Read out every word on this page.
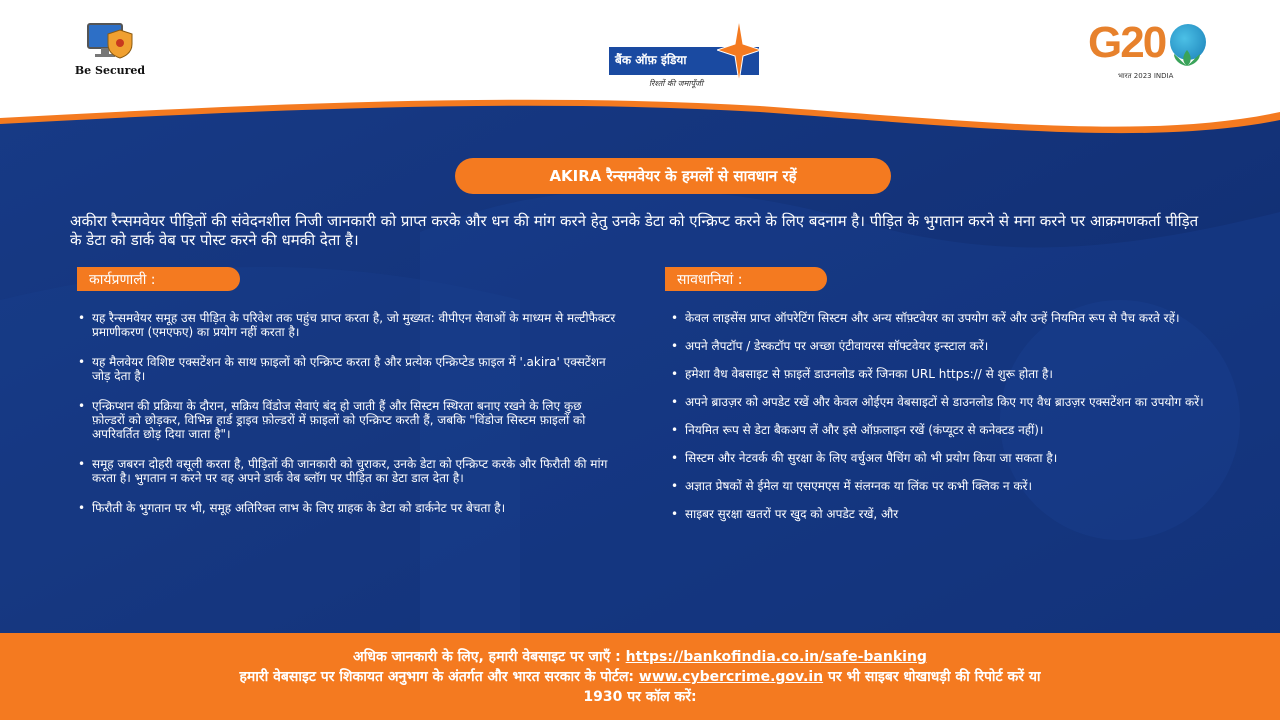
Be Secured
बैंक ऑफ़ इंडिया
रिश्तों की जमापूँजी
G20
भारत 2023 INDIA
AKIRA रैन्समवेयर के हमलों से सावधान रहें
अकीरा रैन्समवेयर पीड़ितों की संवेदनशील निजी जानकारी को प्राप्त करके और धन की मांग करने हेतु उनके डेटा को एन्क्रिप्ट करने के लिए बदनाम है। पीड़ित के भुगतान करने से मना करने पर आक्रमणकर्ता पीड़ित के डेटा को डार्क वेब पर पोस्ट करने की धमकी देता है।
कार्यप्रणाली :
• यह रैन्समवेयर समूह उस पीड़ित के परिवेश तक पहुंच प्राप्त करता है, जो मुख्यत: वीपीएन सेवाओं के माध्यम से मल्टीफैक्टर प्रमाणीकरण (एमएफए) का प्रयोग नहीं करता है।
• यह मैलवेयर विशिष्ट एक्सटेंशन के साथ फ़ाइलों को एन्क्रिप्ट करता है और प्रत्येक एन्क्रिप्टेड फ़ाइल में '.akira' एक्सटेंशन जोड़ देता है।
• एन्क्रिप्शन की प्रक्रिया के दौरान, सक्रिय विंडोज सेवाएं बंद हो जाती हैं और सिस्टम स्थिरता बनाए रखने के लिए कुछ फ़ोल्डरों को छोड़कर, विभिन्न हार्ड ड्राइव फ़ोल्डरों में फ़ाइलों को एन्क्रिप्ट करती हैं, जबकि "विंडोज सिस्टम फ़ाइलों को अपरिवर्तित छोड़ दिया जाता है"।
• समूह जबरन दोहरी वसूली करता है, पीड़ितों की जानकारी को चुराकर, उनके डेटा को एन्क्रिप्ट करके और फिरौती की मांग करता है। भुगतान न करने पर वह अपने डार्क वेब ब्लॉग पर पीड़ित का डेटा डाल देता है।
• फिरौती के भुगतान पर भी, समूह अतिरिक्त लाभ के लिए ग्राहक के डेटा को डार्कनेट पर बेचता है।
सावधानियां :
• केवल लाइसेंस प्राप्त ऑपरेटिंग सिस्टम और अन्य सॉफ़्टवेयर का उपयोग करें और उन्हें नियमित रूप से पैच करते रहें।
• अपने लैपटॉप / डेस्कटॉप पर अच्छा एंटीवायरस सॉफ्टवेयर इन्स्टाल करें।
• हमेशा वैध वेबसाइट से फ़ाइलें डाउनलोड करें जिनका URL https:// से शुरू होता है।
• अपने ब्राउज़र को अपडेट रखें और केवल ओईएम वेबसाइटों से डाउनलोड किए गए वैध ब्राउज़र एक्सटेंशन का उपयोग करें।
• नियमित रूप से डेटा बैकअप लें और इसे ऑफ़लाइन रखें (कंप्यूटर से कनेक्टड नहीं)।
• सिस्टम और नेटवर्क की सुरक्षा के लिए वर्चुअल पैचिंग को भी प्रयोग किया जा सकता है।
• अज्ञात प्रेषकों से ईमेल या एसएमएस में संलग्नक या लिंक पर कभी क्लिक न करें।
• साइबर सुरक्षा खतरों पर खुद को अपडेट रखें, और
अधिक जानकारी के लिए, हमारी वेबसाइट पर जाएँ : https://bankofindia.co.in/safe-banking
हमारी वेबसाइट पर शिकायत अनुभाग के अंतर्गत और भारत सरकार के पोर्टल: www.cybercrime.gov.in पर भी साइबर धोखाधड़ी की रिपोर्ट करें या
1930 पर कॉल करें:
